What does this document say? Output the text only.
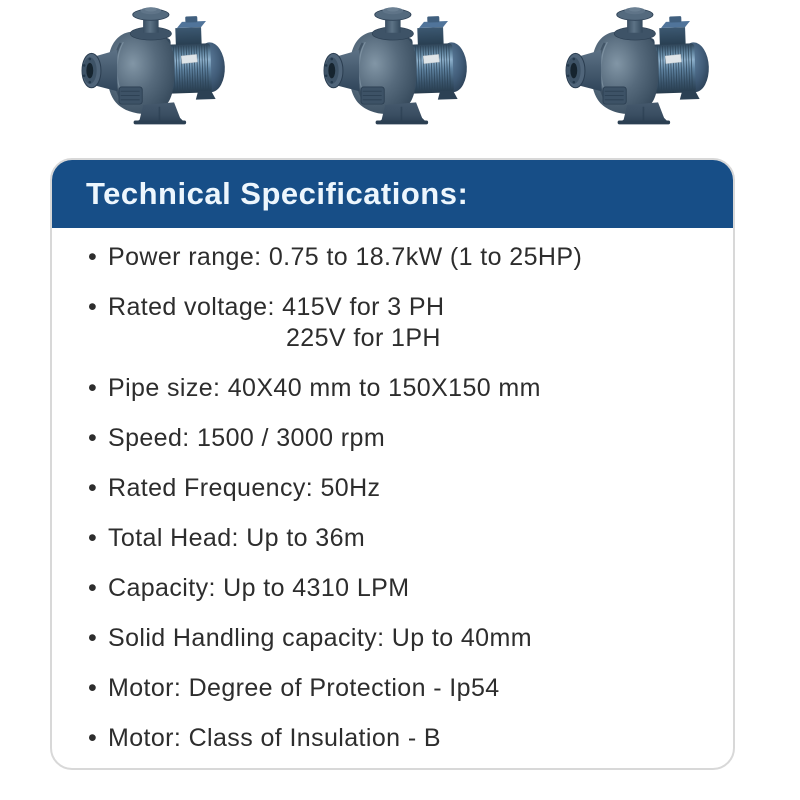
Technical Specifications:
• Power range: 0.75 to 18.7kW (1 to 25HP)
• Rated voltage: 415V for 3 PH
225V for 1PH
• Pipe size: 40X40 mm to 150X150 mm
• Speed: 1500 / 3000 rpm
• Rated Frequency: 50Hz
• Total Head: Up to 36m
• Capacity: Up to 4310 LPM
• Solid Handling capacity: Up to 40mm
• Motor: Degree of Protection - Ip54
• Motor: Class of Insulation - B
